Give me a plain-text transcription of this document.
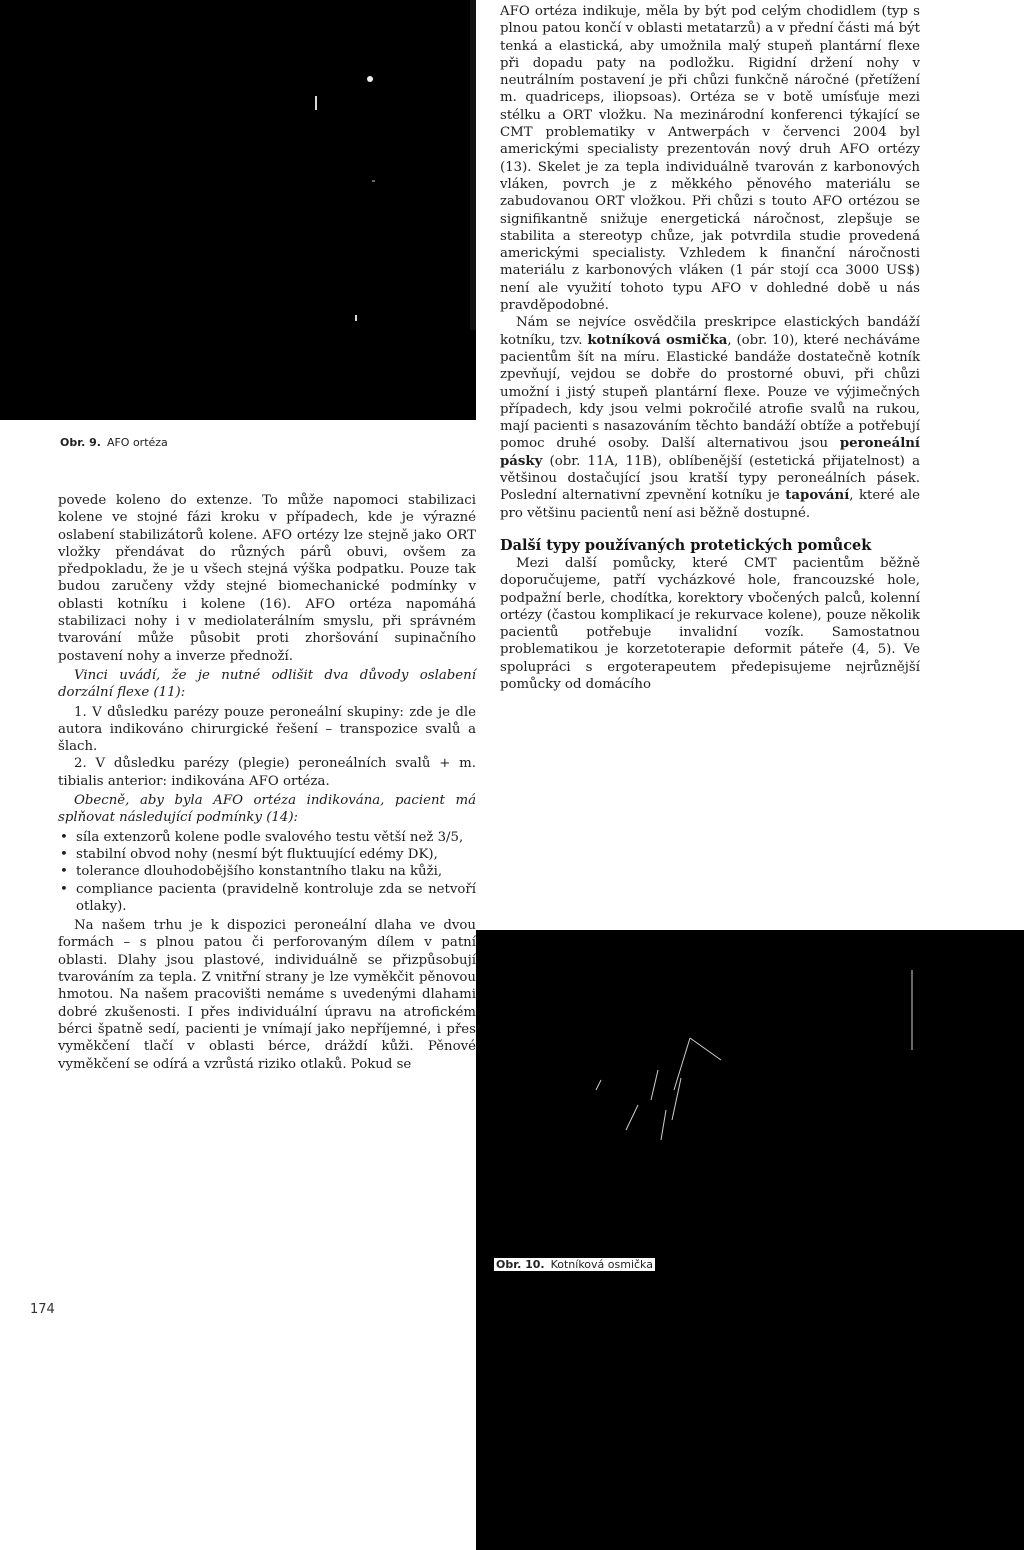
Obr. 9. AFO ortéza

povede koleno do extenze. To může napomoci stabilizaci kolene ve stojné fázi kroku v případech, kde je výrazné oslabení stabilizátorů kolene. AFO ortézy lze stejně jako ORT vložky přendávat do různých párů obuvi, ovšem za předpokladu, že je u všech stejná výška podpatku. Pouze tak budou zaručeny vždy stejné biomechanické podmínky v oblasti kotníku i kolene (16). AFO ortéza napomáhá stabilizaci nohy i v mediolaterálním smyslu, při správném tvarování může působit proti zhoršování supinačního postavení nohy a inverze přednoží.

Vinci uvádí, že je nutné odlišit dva důvody oslabení dorzální flexe (11):

1. V důsledku parézy pouze peroneální skupiny: zde je dle autora indikováno chirurgické řešení – transpozice svalů a šlach.
2. V důsledku parézy (plegie) peroneálních svalů + m. tibialis anterior: indikována AFO ortéza.

Obecně, aby byla AFO ortéza indikována, pacient má splňovat následující podmínky (14):

• síla extenzorů kolene podle svalového testu větší než 3/5,
• stabilní obvod nohy (nesmí být fluktuující edémy DK),
• tolerance dlouhodobějšího konstantního tlaku na kůži,
• compliance pacienta (pravidelně kontroluje zda se netvoří otlaky).

Na našem trhu je k dispozici peroneální dlaha ve dvou formách – s plnou patou či perforovaným dílem v patní oblasti. Dlahy jsou plastové, individuálně se přizpůsobují tvarováním za tepla. Z vnitřní strany je lze vyměkčit pěnovou hmotou. Na našem pracovišti nemáme s uvedenými dlahami dobré zkušenosti. I přes individuální úpravu na atrofickém bérci špatně sedí, pacienti je vnímají jako nepříjemné, i přes vyměkčení tlačí v oblasti bérce, dráždí kůži. Pěnové vyměkčení se odírá a vzrůstá riziko otlaků. Pokud se

AFO ortéza indikuje, měla by být pod celým chodidlem (typ s plnou patou končí v oblasti metatarzů) a v přední části má být tenká a elastická, aby umožnila malý stupeň plantární flexe při dopadu paty na podložku. Rigidní držení nohy v neutrálním postavení je při chůzi funkčně náročné (přetížení m. quadriceps, iliopsoas). Ortéza se v botě umísťuje mezi stélku a ORT vložku. Na mezinárodní konferenci týkající se CMT problematiky v Antwerpách v červenci 2004 byl americkými specialisty prezentován nový druh AFO ortézy (13). Skelet je za tepla individuálně tvarován z karbonových vláken, povrch je z měkkého pěnového materiálu se zabudovanou ORT vložkou. Při chůzi s touto AFO ortézou se signifikantně snižuje energetická náročnost, zlepšuje se stabilita a stereotyp chůze, jak potvrdila studie provedená americkými specialisty. Vzhledem k finanční náročnosti materiálu z karbonových vláken (1 pár stojí cca 3000 US$) není ale využití tohoto typu AFO v dohledné době u nás pravděpodobné.

Nám se nejvíce osvědčila preskripce elastických bandáží kotníku, tzv. kotníková osmička, (obr. 10), které necháváme pacientům šít na míru. Elastické bandáže dostatečně kotník zpevňují, vejdou se dobře do prostorné obuvi, při chůzi umožní i jistý stupeň plantární flexe. Pouze ve výjimečných případech, kdy jsou velmi pokročilé atrofie svalů na rukou, mají pacienti s nasazováním těchto bandáží obtíže a potřebují pomoc druhé osoby. Další alternativou jsou peroneální pásky (obr. 11A, 11B), oblíbenější (estetická přijatelnost) a většinou dostačující jsou kratší typy peroneálních pásek. Poslední alternativní zpevnění kotníku je tapování, které ale pro většinu pacientů není asi běžně dostupné.

Další typy používaných protetických pomůcek

Mezi další pomůcky, které CMT pacientům běžně doporučujeme, patří vycházkové hole, francouzské hole, podpažní berle, chodítka, korektory vbočených palců, kolenní ortézy (častou komplikací je rekurvace kolene), pouze několik pacientů potřebuje invalidní vozík. Samostatnou problematikou je korzetoterapie deformit páteře (4, 5). Ve spolupráci s ergoterapeutem předepisujeme nejrůznější pomůcky od domácího

Obr. 10. Kotníková osmička
174
